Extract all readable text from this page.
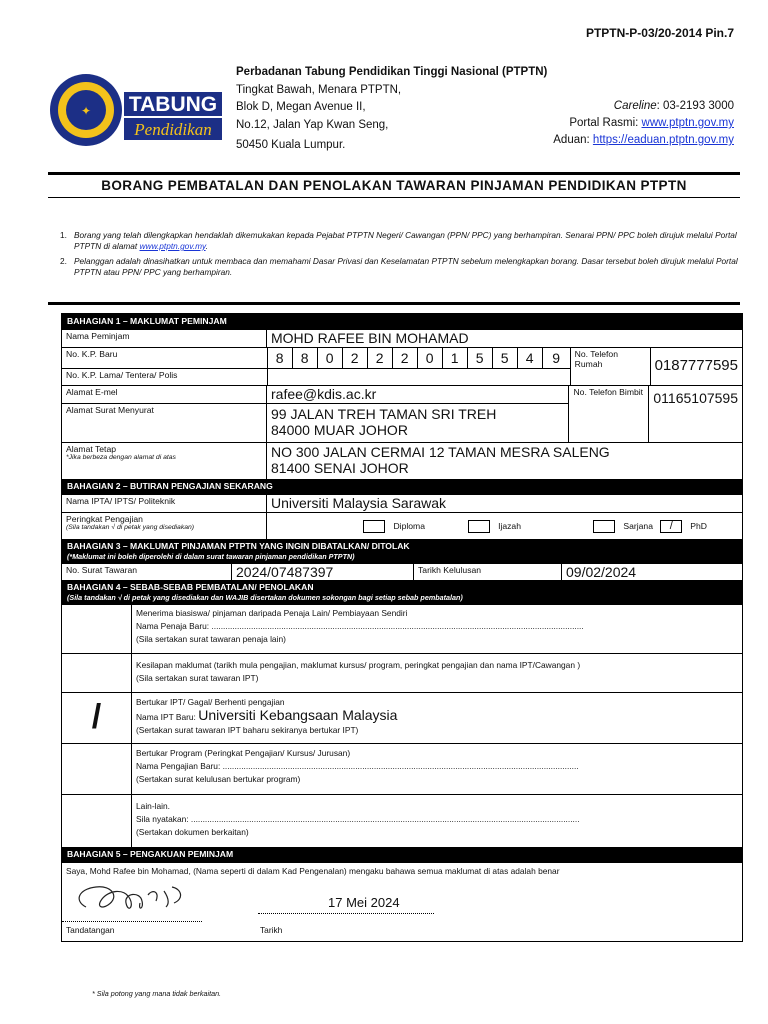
PTPTN-P-03/20-2014 Pin.7
✦ TABUNG
Pendidikan
Perbadanan Tabung Pendidikan Tinggi Nasional (PTPTN)
Tingkat Bawah, Menara PTPTN,
Blok D, Megan Avenue II,
No.12, Jalan Yap Kwan Seng,
50450 Kuala Lumpur.
Careline: 03-2193 3000
Portal Rasmi: www.ptptn.gov.my
Aduan: https://eaduan.ptptn.gov.my
BORANG PEMBATALAN DAN PENOLAKAN TAWARAN PINJAMAN PENDIDIKAN PTPTN
1. Borang yang telah dilengkapkan hendaklah dikemukakan kepada Pejabat PTPTN Negeri/ Cawangan (PPN/ PPC) yang berhampiran. Senarai PPN/ PPC boleh dirujuk melalui Portal PTPTN di alamat www.ptptn.gov.my.
2. Pelanggan adalah dinasihatkan untuk membaca dan memahami Dasar Privasi dan Keselamatan PTPTN sebelum melengkapkan borang. Dasar tersebut boleh dirujuk melalui Portal PTPTN atau PPN/ PPC yang berhampiran.
BAHAGIAN 1 – MAKLUMAT PEMINJAM
Nama Peminjam	MOHD RAFEE BIN MOHAMAD
No. K.P. Baru
No. K.P. Lama/ Tentera/ Polis
8	8	0	2	2	2	0	1	5	5	4	9	No. Telefon Rumah	0187777595
Alamat E-mel	rafee@kdis.ac.kr
Alamat Surat Menyurat	99 JALAN TREH TAMAN SRI TREH
84000 MUAR JOHOR
No. Telefon Bimbit 01165107595
Alamat Tetap
*Jika berbeza dengan alamat di atas	NO 300 JALAN CERMAI 12 TAMAN MESRA SALENG
81400 SENAI JOHOR
BAHAGIAN 2 – BUTIRAN PENGAJIAN SEKARANG
Nama IPTA/ IPTS/ Politeknik	Universiti Malaysia Sarawak
Peringkat Pengajian
(Sila tandakan √ di petak yang disediakan)	Diploma	Ijazah	Sarjana	/ PhD
BAHAGIAN 3 – MAKLUMAT PINJAMAN PTPTN YANG INGIN DIBATALKAN/ DITOLAK
(*Maklumat ini boleh diperolehi di dalam surat tawaran pinjaman pendidikan PTPTN)
No. Surat Tawaran	2024/07487397	Tarikh Kelulusan	09/02/2024
BAHAGIAN 4 – SEBAB-SEBAB PEMBATALAN/ PENOLAKAN
(Sila tandakan √ di petak yang disediakan dan WAJIB disertakan dokumen sokongan bagi setiap sebab pembatalan)
Menerima biasiswa/ pinjaman daripada Penaja Lain/ Pembiayaan Sendiri
Nama Penaja Baru: ................................................................................................................................................................
(Sila sertakan surat tawaran penaja lain)
Kesilapan maklumat (tarikh mula pengajian, maklumat kursus/ program, peringkat pengajian dan nama IPT/Cawangan )
(Sila sertakan surat tawaran IPT)
/	Bertukar IPT/ Gagal/ Berhenti pengajian
Nama IPT Baru: Universiti Kebangsaan Malaysia
(Sertakan surat tawaran IPT baharu sekiranya bertukar IPT)
Bertukar Program (Peringkat Pengajian/ Kursus/ Jurusan)
Nama Pengajian Baru: .........................................................................................................................................................
(Sertakan surat kelulusan bertukar program)
Lain-lain.
Sila nyatakan: .......................................................................................................................................................................
(Sertakan dokumen berkaitan)
BAHAGIAN 5 – PENGAKUAN PEMINJAM
Saya, Mohd Rafee bin Mohamad, (Nama seperti di dalam Kad Pengenalan) mengaku bahawa semua maklumat di atas adalah benar
17 Mei 2024
Tandatangan	Tarikh
* Sila potong yang mana tidak berkaitan.
